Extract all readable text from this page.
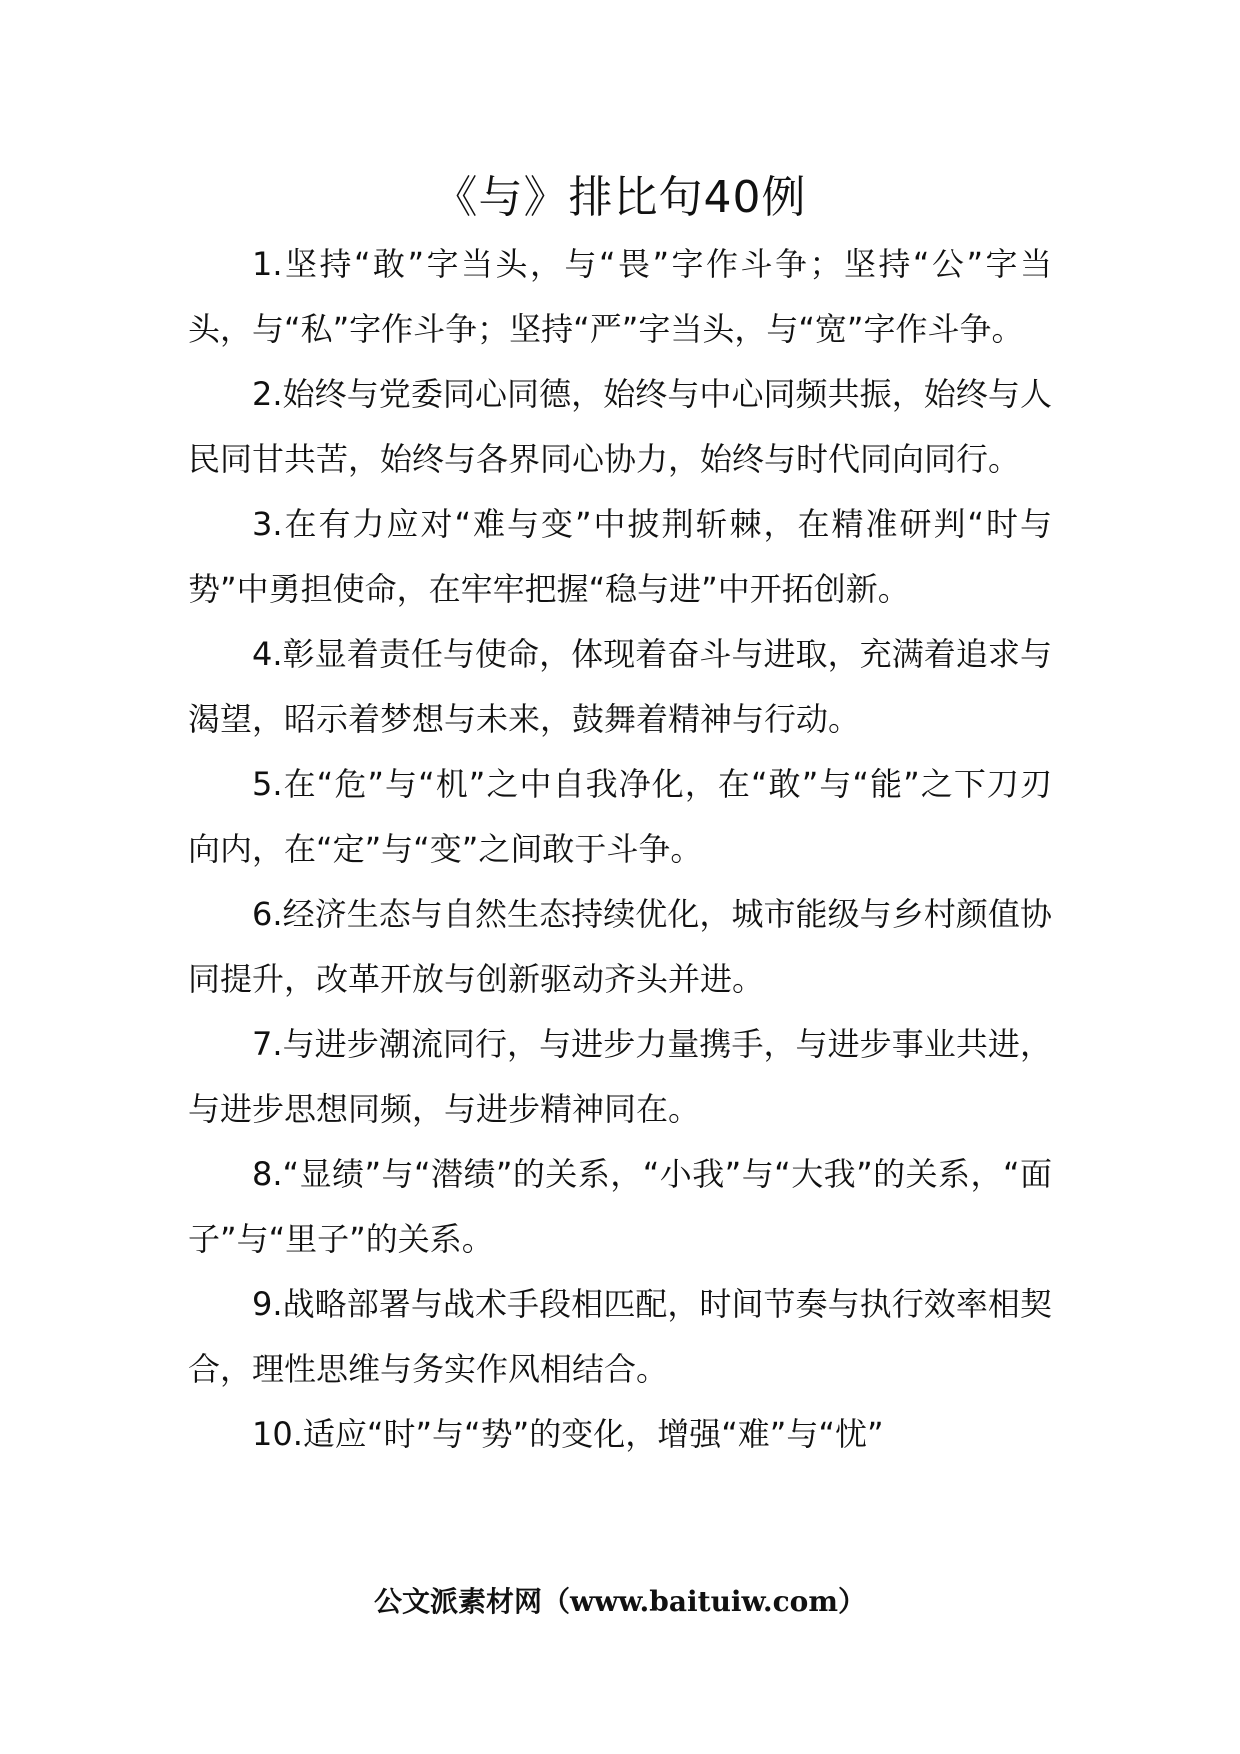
《与》排比句40例

1.坚持“敢”字当头，与“畏”字作斗争；坚持“公”字当头，与“私”字作斗争；坚持“严”字当头，与“宽”字作斗争。

2.始终与党委同心同德，始终与中心同频共振，始终与人民同甘共苦，始终与各界同心协力，始终与时代同向同行。

3.在有力应对“难与变”中披荆斩棘，在精准研判“时与势”中勇担使命，在牢牢把握“稳与进”中开拓创新。

4.彰显着责任与使命，体现着奋斗与进取，充满着追求与渴望，昭示着梦想与未来，鼓舞着精神与行动。

5.在“危”与“机”之中自我净化，在“敢”与“能”之下刀刃向内，在“定”与“变”之间敢于斗争。

6.经济生态与自然生态持续优化，城市能级与乡村颜值协同提升，改革开放与创新驱动齐头并进。

7.与进步潮流同行，与进步力量携手，与进步事业共进，与进步思想同频，与进步精神同在。

8.“显绩”与“潜绩”的关系，“小我”与“大我”的关系，“面子”与“里子”的关系。

9.战略部署与战术手段相匹配，时间节奏与执行效率相契合，理性思维与务实作风相结合。

10.适应“时”与“势”的变化，增强“难”与“忧”

公文派素材网（www.baituiw.com）
